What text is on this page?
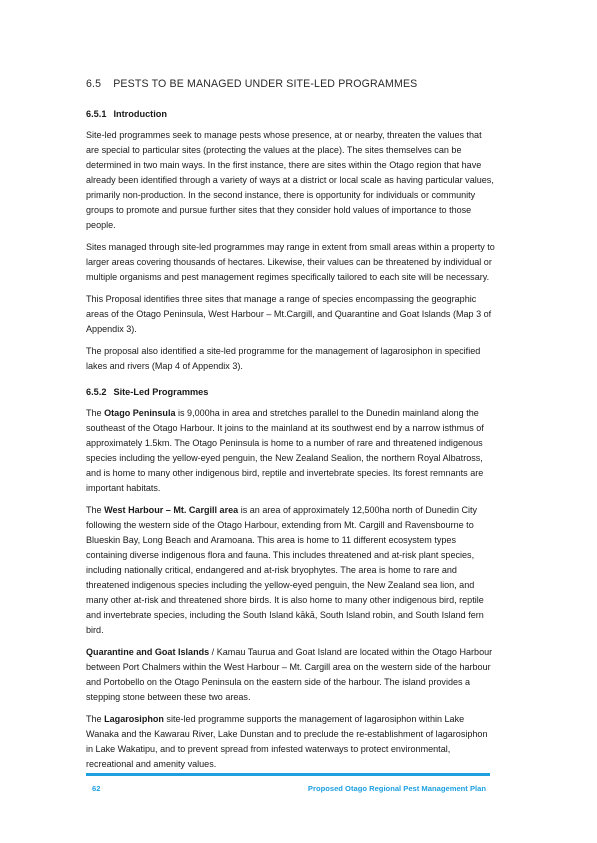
6.5 PESTS TO BE MANAGED UNDER SITE-LED PROGRAMMES
6.5.1 Introduction

Site-led programmes seek to manage pests whose presence, at or nearby, threaten the values that are special to particular sites (protecting the values at the place). The sites themselves can be determined in two main ways. In the first instance, there are sites within the Otago region that have already been identified through a variety of ways at a district or local scale as having particular values, primarily non-production. In the second instance, there is opportunity for individuals or community groups to promote and pursue further sites that they consider hold values of importance to those people.

Sites managed through site-led programmes may range in extent from small areas within a property to larger areas covering thousands of hectares. Likewise, their values can be threatened by individual or multiple organisms and pest management regimes specifically tailored to each site will be necessary.

This Proposal identifies three sites that manage a range of species encompassing the geographic areas of the Otago Peninsula, West Harbour – Mt.Cargill, and Quarantine and Goat Islands (Map 3 of Appendix 3).

The proposal also identified a site-led programme for the management of lagarosiphon in specified lakes and rivers (Map 4 of Appendix 3).

6.5.2 Site-Led Programmes

The Otago Peninsula is 9,000ha in area and stretches parallel to the Dunedin mainland along the southeast of the Otago Harbour. It joins to the mainland at its southwest end by a narrow isthmus of approximately 1.5km. The Otago Peninsula is home to a number of rare and threatened indigenous species including the yellow-eyed penguin, the New Zealand Sealion, the northern Royal Albatross, and is home to many other indigenous bird, reptile and invertebrate species. Its forest remnants are important habitats.

The West Harbour – Mt. Cargill area is an area of approximately 12,500ha north of Dunedin City following the western side of the Otago Harbour, extending from Mt. Cargill and Ravensbourne to Blueskin Bay, Long Beach and Aramoana. This area is home to 11 different ecosystem types containing diverse indigenous flora and fauna. This includes threatened and at-risk plant species, including nationally critical, endangered and at-risk bryophytes. The area is home to rare and threatened indigenous species including the yellow-eyed penguin, the New Zealand sea lion, and many other at-risk and threatened shore birds. It is also home to many other indigenous bird, reptile and invertebrate species, including the South Island kākā, South Island robin, and South Island fern bird.

Quarantine and Goat Islands / Kamau Taurua and Goat Island are located within the Otago Harbour between Port Chalmers within the West Harbour – Mt. Cargill area on the western side of the harbour and Portobello on the Otago Peninsula on the eastern side of the harbour. The island provides a stepping stone between these two areas.

The Lagarosiphon site-led programme supports the management of lagarosiphon within Lake Wanaka and the Kawarau River, Lake Dunstan and to preclude the re-establishment of lagarosiphon in Lake Wakatipu, and to prevent spread from infested waterways to protect environmental, recreational and amenity values.

62	Proposed Otago Regional Pest Management Plan
